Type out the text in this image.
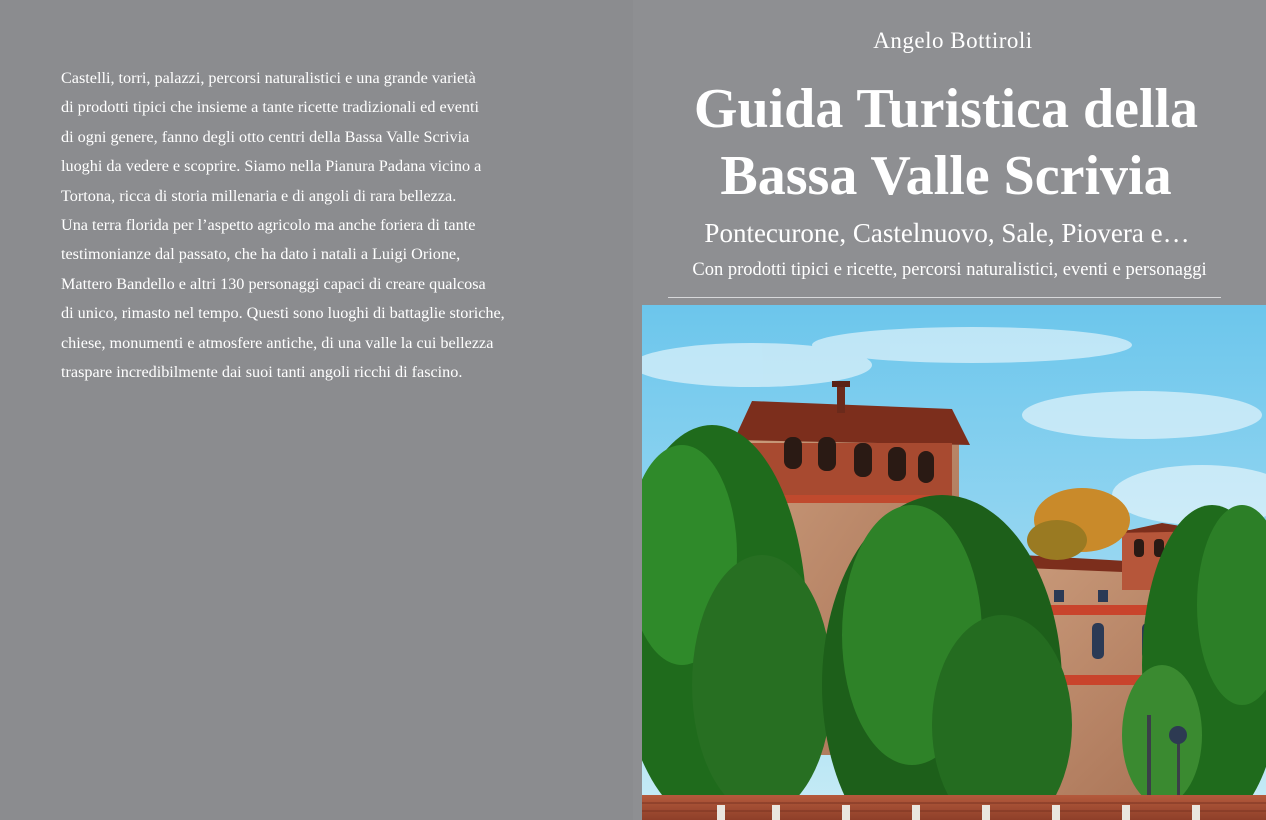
Castelli, torri, palazzi, percorsi naturalistici e una grande varietà

di prodotti tipici che insieme a tante ricette tradizionali ed eventi

di ogni genere, fanno degli otto centri della Bassa Valle Scrivia

luoghi da vedere e scoprire. Siamo nella Pianura Padana vicino a

Tortona, ricca di storia millenaria e di angoli di rara bellezza.

Una terra florida per l’aspetto agricolo ma anche foriera di tante

testimonianze dal passato, che ha dato i natali a Luigi Orione,

Mattero Bandello e altri 130 personaggi capaci di creare qualcosa

di unico, rimasto nel tempo. Questi sono luoghi di battaglie storiche,

chiese, monumenti e atmosfere antiche, di una valle la cui bellezza

traspare incredibilmente dai suoi tanti angoli ricchi di fascino.

Angelo Bottiroli
Guida Turistica della
Bassa Valle Scrivia
Pontecurone, Castelnuovo, Sale, Piovera e…
Con prodotti tipici e ricette, percorsi naturalistici, eventi e personaggi
